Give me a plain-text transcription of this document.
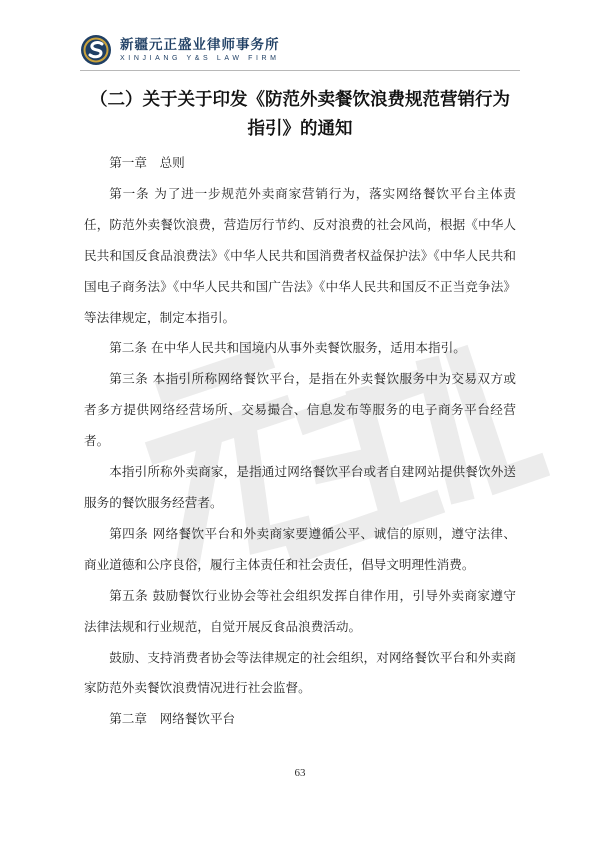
新疆元正盛业律师事务所
XINJIANG Y&S LAW FIRM
（二）关于关于印发《防范外卖餐饮浪费规范营销行为
指引》的通知

第一章　总则

第一条 为了进一步规范外卖商家营销行为，落实网络餐饮平台主体责任，防范外卖餐饮浪费，营造厉行节约、反对浪费的社会风尚，根据《中华人民共和国反食品浪费法》《中华人民共和国消费者权益保护法》《中华人民共和国电子商务法》《中华人民共和国广告法》《中华人民共和国反不正当竞争法》等法律规定，制定本指引。

第二条 在中华人民共和国境内从事外卖餐饮服务，适用本指引。

第三条 本指引所称网络餐饮平台，是指在外卖餐饮服务中为交易双方或者多方提供网络经营场所、交易撮合、信息发布等服务的电子商务平台经营者。

本指引所称外卖商家，是指通过网络餐饮平台或者自建网站提供餐饮外送服务的餐饮服务经营者。

第四条 网络餐饮平台和外卖商家要遵循公平、诚信的原则，遵守法律、商业道德和公序良俗，履行主体责任和社会责任，倡导文明理性消费。

第五条 鼓励餐饮行业协会等社会组织发挥自律作用，引导外卖商家遵守法律法规和行业规范，自觉开展反食品浪费活动。

鼓励、支持消费者协会等法律规定的社会组织，对网络餐饮平台和外卖商家防范外卖餐饮浪费情况进行社会监督。

第二章　网络餐饮平台

63
